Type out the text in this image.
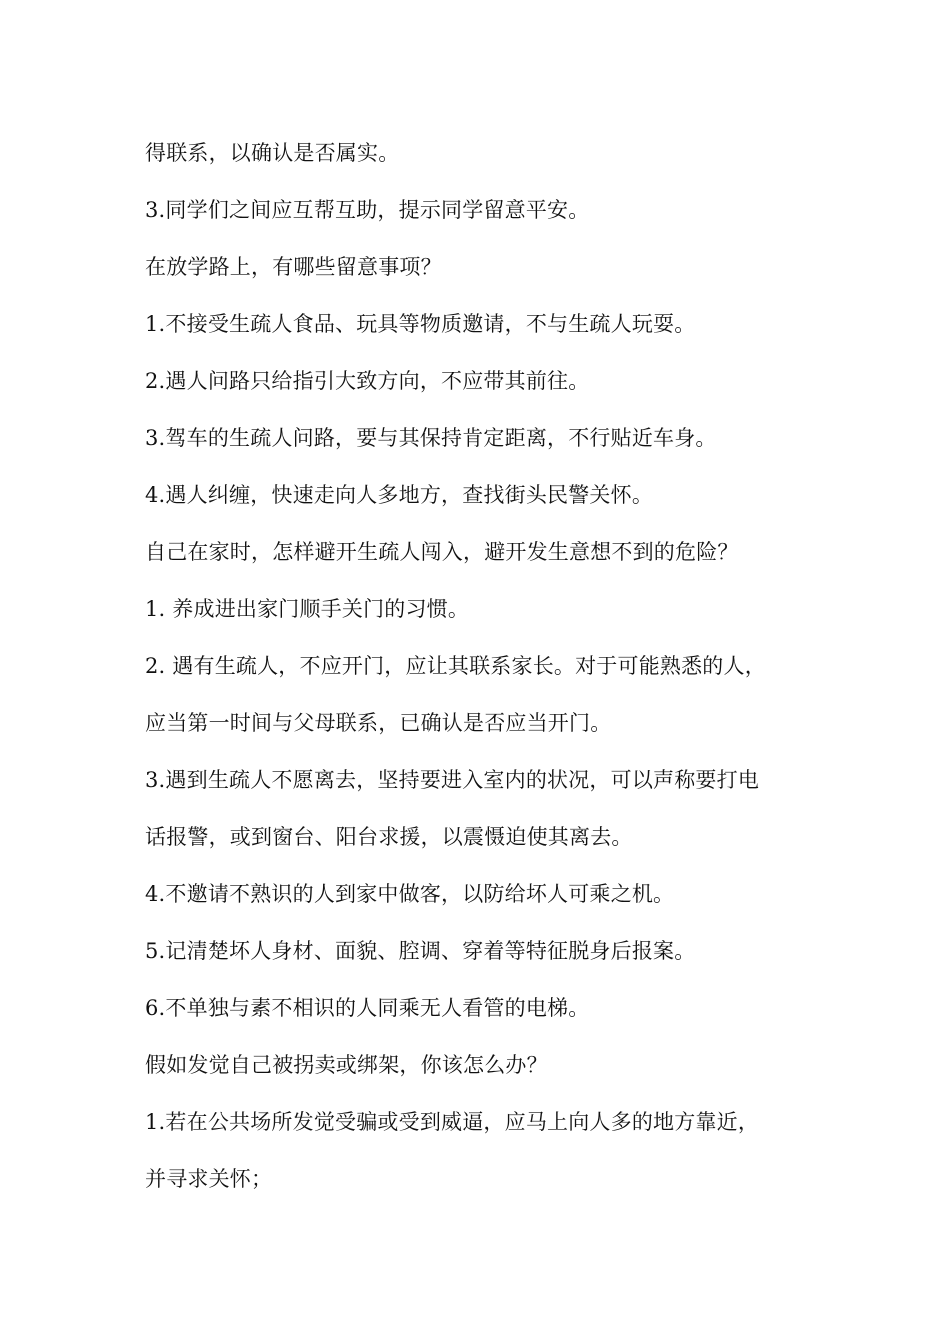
得联系，以确认是否属实。
3.同学们之间应互帮互助，提示同学留意平安。
在放学路上，有哪些留意事项？
1.不接受生疏人食品、玩具等物质邀请，不与生疏人玩耍。
2.遇人问路只给指引大致方向，不应带其前往。
3.驾车的生疏人问路，要与其保持肯定距离，不行贴近车身。
4.遇人纠缠，快速走向人多地方，查找街头民警关怀。
自己在家时，怎样避开生疏人闯入，避开发生意想不到的危险？
1. 养成进出家门顺手关门的习惯。
2. 遇有生疏人，不应开门，应让其联系家长。对于可能熟悉的人，
应当第一时间与父母联系，已确认是否应当开门。
3.遇到生疏人不愿离去，坚持要进入室内的状况，可以声称要打电
话报警，或到窗台、阳台求援，以震慑迫使其离去。
4.不邀请不熟识的人到家中做客，以防给坏人可乘之机。
5.记清楚坏人身材、面貌、腔调、穿着等特征脱身后报案。
6.不单独与素不相识的人同乘无人看管的电梯。
假如发觉自己被拐卖或绑架，你该怎么办？
1.若在公共场所发觉受骗或受到威逼，应马上向人多的地方靠近，
并寻求关怀；
